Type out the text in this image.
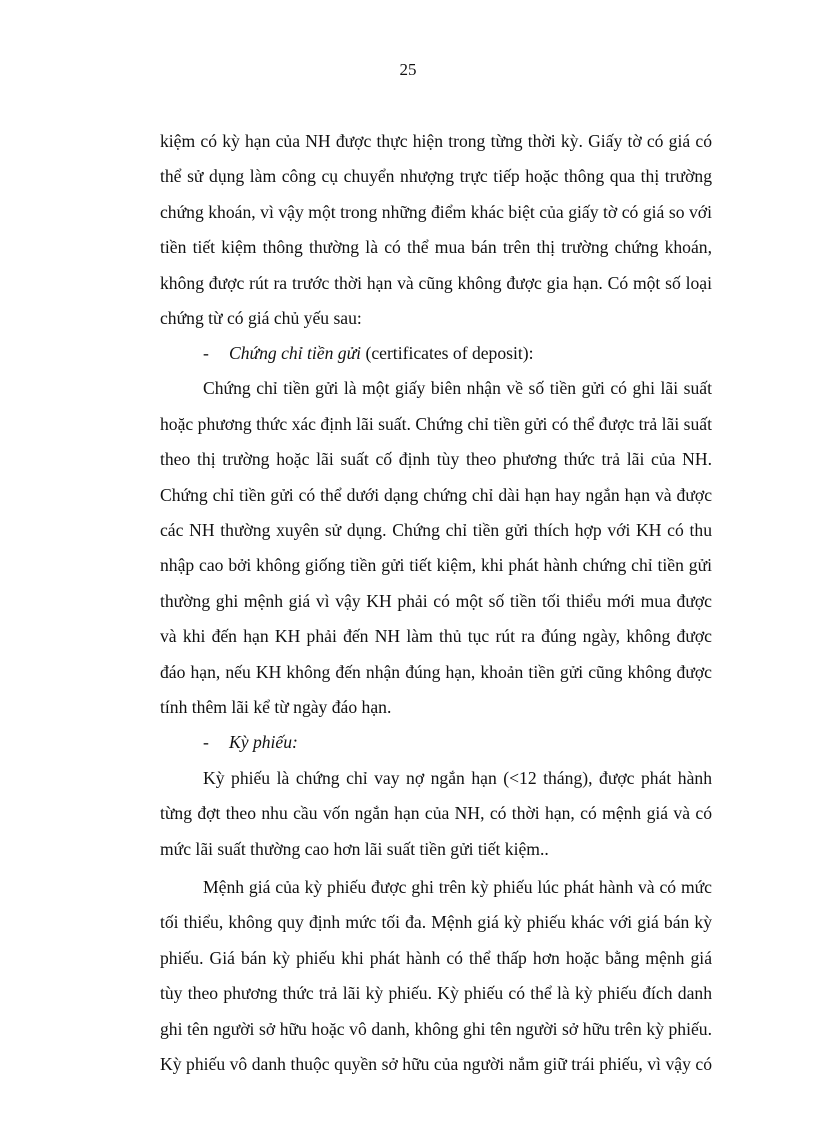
25
kiệm có kỳ hạn của NH được thực hiện trong từng thời kỳ. Giấy tờ có giá có
thể sử dụng làm công cụ chuyển nhượng trực tiếp hoặc thông qua thị trường
chứng khoán, vì vậy một trong những điểm khác biệt của giấy tờ có giá so với
tiền tiết kiệm thông thường là có thể mua bán trên thị trường chứng khoán,
không được rút ra trước thời hạn và cũng không được gia hạn. Có một số loại
chứng từ có giá chủ yếu sau:
- Chứng chỉ tiền gửi (certificates of deposit):
Chứng chỉ tiền gửi là một giấy biên nhận về số tiền gửi có ghi lãi suất
hoặc phương thức xác định lãi suất. Chứng chỉ tiền gửi có thể được trả lãi suất
theo thị trường hoặc lãi suất cố định tùy theo phương thức trả lãi của NH.
Chứng chỉ tiền gửi có thể dưới dạng chứng chỉ dài hạn hay ngắn hạn và được
các NH thường xuyên sử dụng. Chứng chỉ tiền gửi thích hợp với KH có thu
nhập cao bởi không giống tiền gửi tiết kiệm, khi phát hành chứng chỉ tiền gửi
thường ghi mệnh giá vì vậy KH phải có một số tiền tối thiểu mới mua được
và khi đến hạn KH phải đến NH làm thủ tục rút ra đúng ngày, không được
đáo hạn, nếu KH không đến nhận đúng hạn, khoản tiền gửi cũng không được
tính thêm lãi kể từ ngày đáo hạn.
- Kỳ phiếu:
Kỳ phiếu là chứng chỉ vay nợ ngắn hạn (<12 tháng), được phát hành
từng đợt theo nhu cầu vốn ngắn hạn của NH, có thời hạn, có mệnh giá và có
mức lãi suất thường cao hơn lãi suất tiền gửi tiết kiệm..
Mệnh giá của kỳ phiếu được ghi trên kỳ phiếu lúc phát hành và có mức
tối thiểu, không quy định mức tối đa. Mệnh giá kỳ phiếu khác với giá bán kỳ
phiếu. Giá bán kỳ phiếu khi phát hành có thể thấp hơn hoặc bằng mệnh giá
tùy theo phương thức trả lãi kỳ phiếu. Kỳ phiếu có thể là kỳ phiếu đích danh
ghi tên người sở hữu hoặc vô danh, không ghi tên người sở hữu trên kỳ phiếu.
Kỳ phiếu vô danh thuộc quyền sở hữu của người nắm giữ trái phiếu, vì vậy có
